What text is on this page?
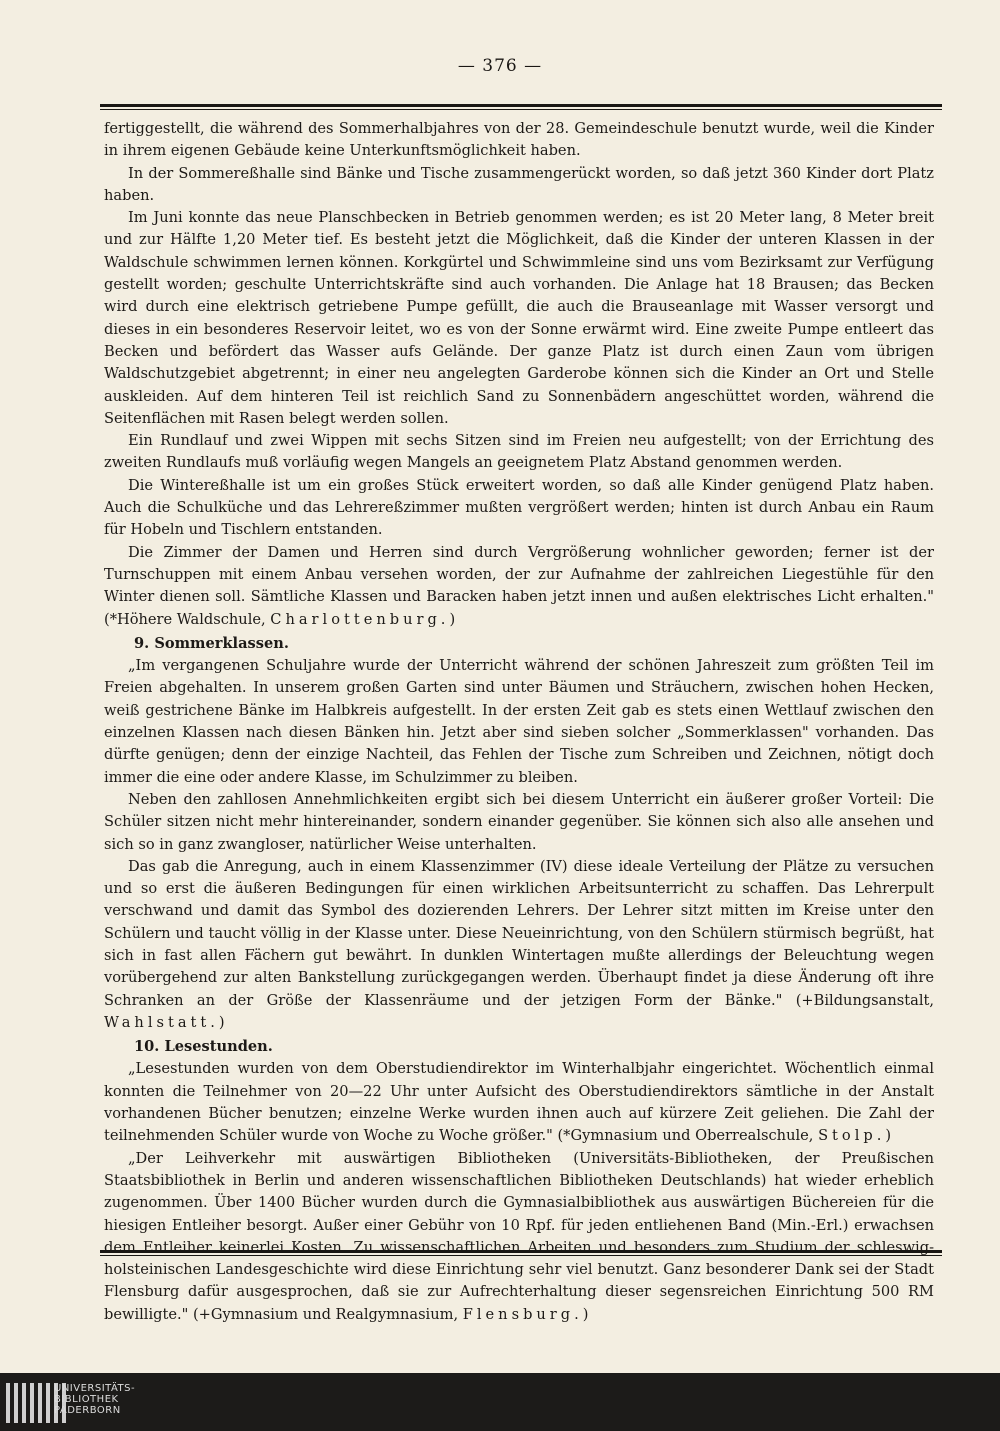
— 376 —

fertiggestellt, die während des Sommerhalbjahres von der 28. Gemeindeschule benutzt wurde, weil die Kinder in ihrem eigenen Gebäude keine Unterkunftsmöglichkeit haben.

In der Sommereßhalle sind Bänke und Tische zusammengerückt worden, so daß jetzt 360 Kinder dort Platz haben.

Im Juni konnte das neue Planschbecken in Betrieb genommen werden; es ist 20 Meter lang, 8 Meter breit und zur Hälfte 1,20 Meter tief. Es besteht jetzt die Möglichkeit, daß die Kinder der unteren Klassen in der Waldschule schwimmen lernen können. Korkgürtel und Schwimmleine sind uns vom Bezirksamt zur Verfügung gestellt worden; geschulte Unterrichtskräfte sind auch vorhanden. Die Anlage hat 18 Brausen; das Becken wird durch eine elektrisch getriebene Pumpe gefüllt, die auch die Brauseanlage mit Wasser versorgt und dieses in ein besonderes Reservoir leitet, wo es von der Sonne erwärmt wird. Eine zweite Pumpe entleert das Becken und befördert das Wasser aufs Gelände. Der ganze Platz ist durch einen Zaun vom übrigen Waldschutzgebiet abgetrennt; in einer neu angelegten Garderobe können sich die Kinder an Ort und Stelle auskleiden. Auf dem hinteren Teil ist reichlich Sand zu Sonnenbädern angeschüttet worden, während die Seitenflächen mit Rasen belegt werden sollen.

Ein Rundlauf und zwei Wippen mit sechs Sitzen sind im Freien neu aufgestellt; von der Errichtung des zweiten Rundlaufs muß vorläufig wegen Mangels an geeignetem Platz Abstand genommen werden.

Die Wintereßhalle ist um ein großes Stück erweitert worden, so daß alle Kinder genügend Platz haben. Auch die Schulküche und das Lehrereßzimmer mußten vergrößert werden; hinten ist durch Anbau ein Raum für Hobeln und Tischlern entstanden.

Die Zimmer der Damen und Herren sind durch Vergrößerung wohnlicher geworden; ferner ist der Turnschuppen mit einem Anbau versehen worden, der zur Aufnahme der zahlreichen Liegestühle für den Winter dienen soll. Sämtliche Klassen und Baracken haben jetzt innen und außen elektrisches Licht erhalten." (*Höhere Waldschule, Charlottenburg.)

9. Sommerklassen.

„Im vergangenen Schuljahre wurde der Unterricht während der schönen Jahreszeit zum größten Teil im Freien abgehalten. In unserem großen Garten sind unter Bäumen und Sträuchern, zwischen hohen Hecken, weiß gestrichene Bänke im Halbkreis aufgestellt. In der ersten Zeit gab es stets einen Wettlauf zwischen den einzelnen Klassen nach diesen Bänken hin. Jetzt aber sind sieben solcher „Sommerklassen" vorhanden. Das dürfte genügen; denn der einzige Nachteil, das Fehlen der Tische zum Schreiben und Zeichnen, nötigt doch immer die eine oder andere Klasse, im Schulzimmer zu bleiben.

Neben den zahllosen Annehmlichkeiten ergibt sich bei diesem Unterricht ein äußerer großer Vorteil: Die Schüler sitzen nicht mehr hintereinander, sondern einander gegenüber. Sie können sich also alle ansehen und sich so in ganz zwangloser, natürlicher Weise unterhalten.

Das gab die Anregung, auch in einem Klassenzimmer (IV) diese ideale Verteilung der Plätze zu versuchen und so erst die äußeren Bedingungen für einen wirklichen Arbeitsunterricht zu schaffen. Das Lehrerpult verschwand und damit das Symbol des dozierenden Lehrers. Der Lehrer sitzt mitten im Kreise unter den Schülern und taucht völlig in der Klasse unter. Diese Neueinrichtung, von den Schülern stürmisch begrüßt, hat sich in fast allen Fächern gut bewährt. In dunklen Wintertagen mußte allerdings der Beleuchtung wegen vorübergehend zur alten Bankstellung zurückgegangen werden. Überhaupt findet ja diese Änderung oft ihre Schranken an der Größe der Klassenräume und der jetzigen Form der Bänke." (+Bildungsanstalt, Wahlstatt.)

10. Lesestunden.

„Lesestunden wurden von dem Oberstudiendirektor im Winterhalbjahr eingerichtet. Wöchentlich einmal konnten die Teilnehmer von 20—22 Uhr unter Aufsicht des Oberstudiendirektors sämtliche in der Anstalt vorhandenen Bücher benutzen; einzelne Werke wurden ihnen auch auf kürzere Zeit geliehen. Die Zahl der teilnehmenden Schüler wurde von Woche zu Woche größer." (*Gymnasium und Oberrealschule, Stolp.)

„Der Leihverkehr mit auswärtigen Bibliotheken (Universitäts-Bibliotheken, der Preußischen Staatsbibliothek in Berlin und anderen wissenschaftlichen Bibliotheken Deutschlands) hat wieder erheblich zugenommen. Über 1400 Bücher wurden durch die Gymnasialbibliothek aus auswärtigen Büchereien für die hiesigen Entleiher besorgt. Außer einer Gebühr von 10 Rpf. für jeden entliehenen Band (Min.-Erl.) erwachsen dem Entleiher keinerlei Kosten. Zu wissenschaftlichen Arbeiten und besonders zum Studium der schleswig-holsteinischen Landesgeschichte wird diese Einrichtung sehr viel benutzt. Ganz besonderer Dank sei der Stadt Flensburg dafür ausgesprochen, daß sie zur Aufrechterhaltung dieser segensreichen Einrichtung 500 RM bewilligte." (+Gymnasium und Realgymnasium, Flensburg.)

UNIVERSITÄTS-
BIBLIOTHEK
PADERBORN
